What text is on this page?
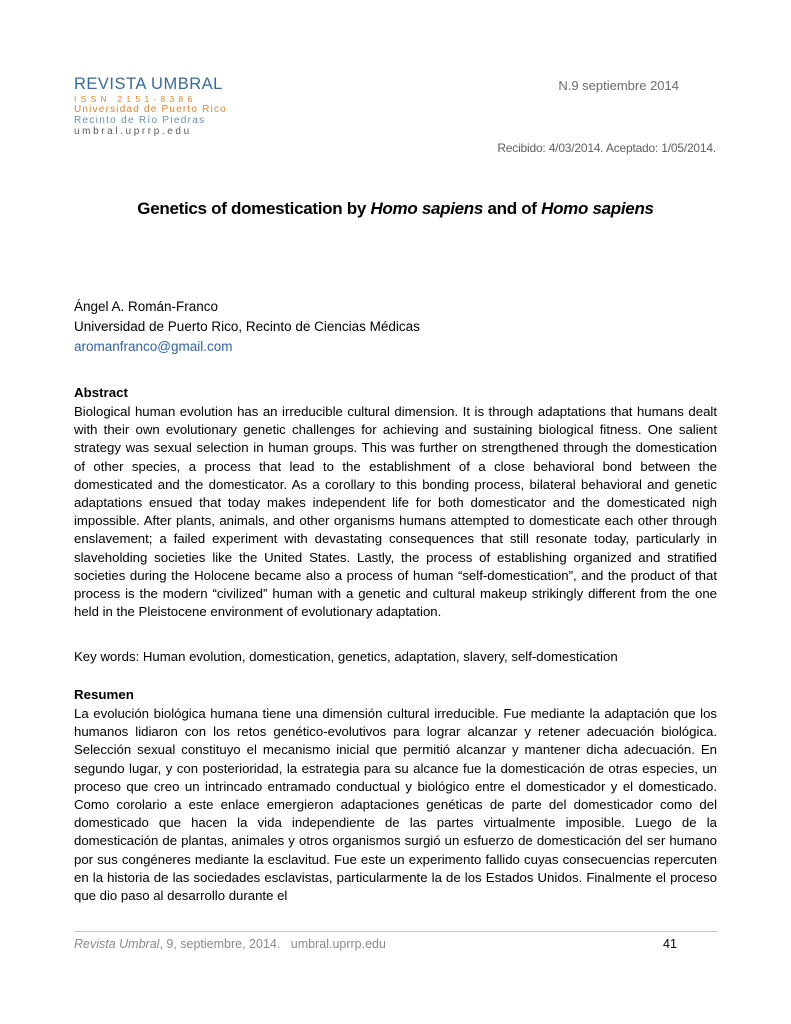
REVISTA UMBRAL
ISSN 2151-8386
Universidad de Puerto Rico
Recinto de Río Piedras
umbral.uprrp.edu
N.9 septiembre 2014
Recibido: 4/03/2014. Aceptado: 1/05/2014.
Genetics of domestication by Homo sapiens and of Homo sapiens
Ángel A. Román-Franco
Universidad de Puerto Rico, Recinto de Ciencias Médicas
aromanfranco@gmail.com
Abstract
Biological human evolution has an irreducible cultural dimension. It is through adaptations that humans dealt with their own evolutionary genetic challenges for achieving and sustaining biological fitness. One salient strategy was sexual selection in human groups. This was further on strengthened through the domestication of other species, a process that lead to the establishment of a close behavioral bond between the domesticated and the domesticator. As a corollary to this bonding process, bilateral behavioral and genetic adaptations ensued that today makes independent life for both domesticator and the domesticated nigh impossible. After plants, animals, and other organisms humans attempted to domesticate each other through enslavement; a failed experiment with devastating consequences that still resonate today, particularly in slaveholding societies like the United States. Lastly, the process of establishing organized and stratified societies during the Holocene became also a process of human “self-domestication”, and the product of that process is the modern “civilized” human with a genetic and cultural makeup strikingly different from the one held in the Pleistocene environment of evolutionary adaptation.
Key words: Human evolution, domestication, genetics, adaptation, slavery, self-domestication
Resumen
La evolución biológica humana tiene una dimensión cultural irreducible. Fue mediante la adaptación que los humanos lidiaron con los retos genético-evolutivos para lograr alcanzar y retener adecuación biológica. Selección sexual constituyo el mecanismo inicial que permitió alcanzar y mantener dicha adecuación. En segundo lugar, y con posterioridad, la estrategia para su alcance fue la domesticación de otras especies, un proceso que creo un intrincado entramado conductual y biológico entre el domesticador y el domesticado. Como corolario a este enlace emergieron adaptaciones genéticas de parte del domesticador como del domesticado que hacen la vida independiente de las partes virtualmente imposible. Luego de la domesticación de plantas, animales y otros organismos surgió un esfuerzo de domesticación del ser humano por sus congéneres mediante la esclavitud. Fue este un experimento fallido cuyas consecuencias repercuten en la historia de las sociedades esclavistas, particularmente la de los Estados Unidos. Finalmente el proceso que dio paso al desarrollo durante el
Revista Umbral, 9, septiembre, 2014. umbral.uprrp.edu	41
